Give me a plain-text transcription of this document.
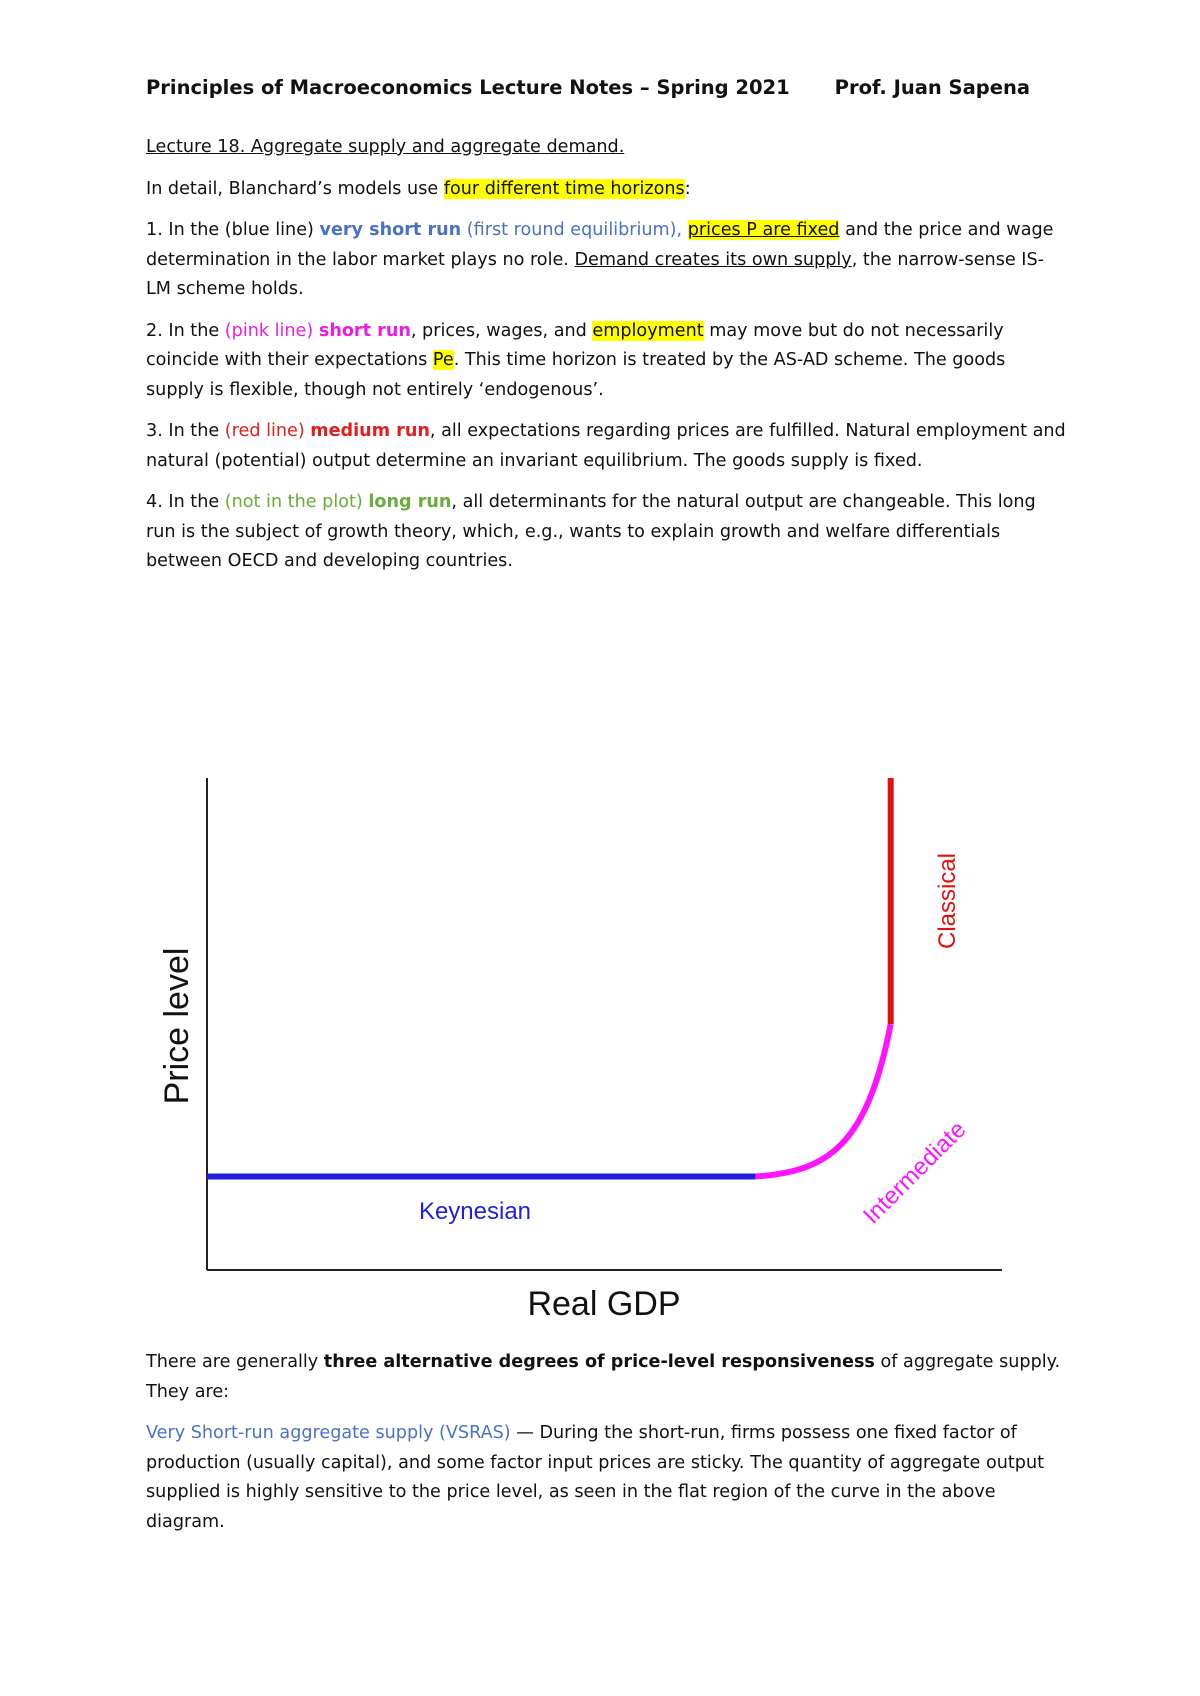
Principles of Macroeconomics Lecture Notes – Spring 2021 Prof. Juan Sapena

Lecture 18. Aggregate supply and aggregate demand.

In detail, Blanchard’s models use four different time horizons:

1. In the (blue line) very short run (first round equilibrium), prices P are fixed and the price and wage determination in the labor market plays no role. Demand creates its own supply, the narrow-sense IS-LM scheme holds.

2. In the (pink line) short run, prices, wages, and employment may move but do not necessarily coincide with their expectations Pe. This time horizon is treated by the AS-AD scheme. The goods supply is flexible, though not entirely ‘endogenous’.

3. In the (red line) medium run, all expectations regarding prices are fulfilled. Natural employment and natural (potential) output determine an invariant equilibrium. The goods supply is fixed.

4. In the (not in the plot) long run, all determinants for the natural output are changeable. This long run is the subject of growth theory, which, e.g., wants to explain growth and welfare differentials between OECD and developing countries.

Real GDP
Price level
Keynesian	Intermediate
Classical

There are generally three alternative degrees of price-level responsiveness of aggregate supply. They are:

Very Short-run aggregate supply (VSRAS) — During the short-run, firms possess one fixed factor of production (usually capital), and some factor input prices are sticky. The quantity of aggregate output supplied is highly sensitive to the price level, as seen in the flat region of the curve in the above diagram.
